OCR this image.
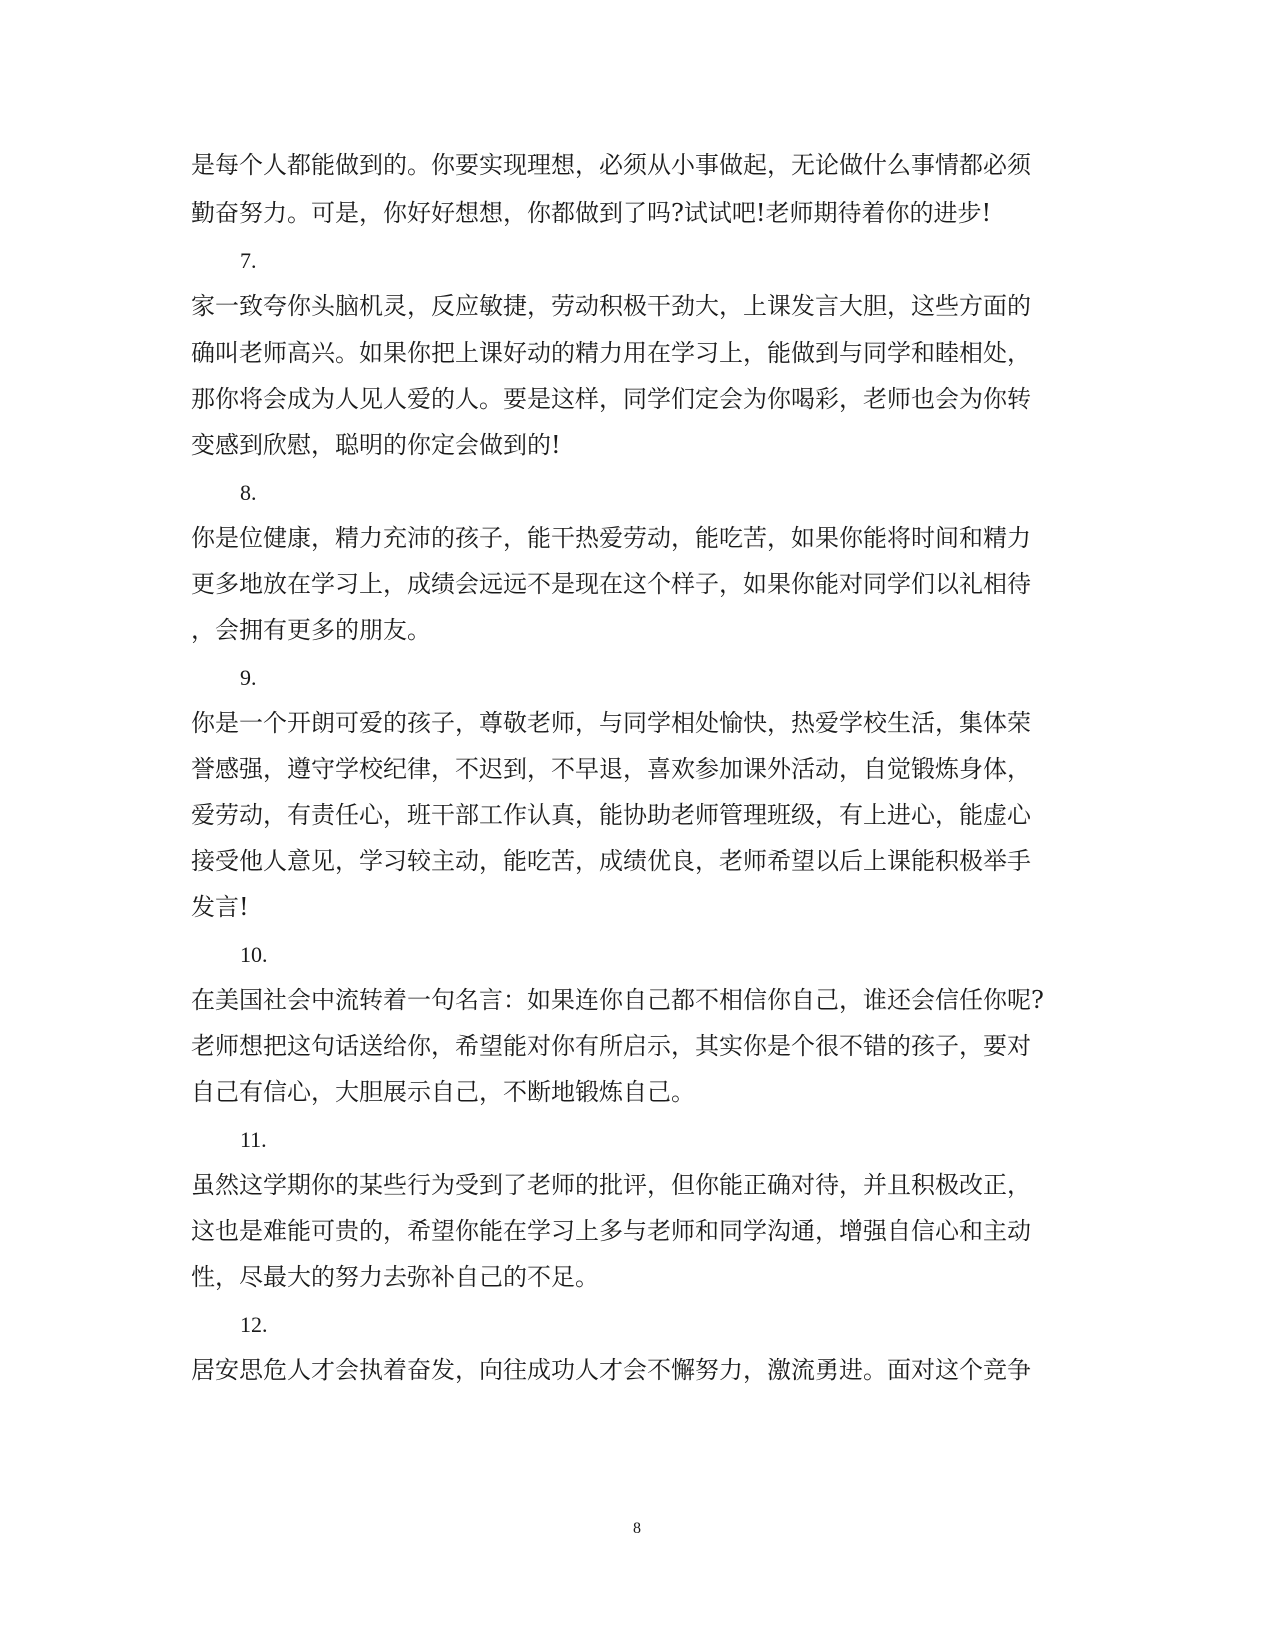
是每个人都能做到的。你要实现理想，必须从小事做起，无论做什么事情都必须
勤奋努力。可是，你好好想想，你都做到了吗?试试吧!老师期待着你的进步!
7.
家一致夸你头脑机灵，反应敏捷，劳动积极干劲大，上课发言大胆，这些方面的
确叫老师高兴。如果你把上课好动的精力用在学习上，能做到与同学和睦相处，
那你将会成为人见人爱的人。要是这样，同学们定会为你喝彩，老师也会为你转
变感到欣慰，聪明的你定会做到的!
8.
你是位健康，精力充沛的孩子，能干热爱劳动，能吃苦，如果你能将时间和精力
更多地放在学习上，成绩会远远不是现在这个样子，如果你能对同学们以礼相待
，会拥有更多的朋友。
9.
你是一个开朗可爱的孩子，尊敬老师，与同学相处愉快，热爱学校生活，集体荣
誉感强，遵守学校纪律，不迟到，不早退，喜欢参加课外活动，自觉锻炼身体，
爱劳动，有责任心，班干部工作认真，能协助老师管理班级，有上进心，能虚心
接受他人意见，学习较主动，能吃苦，成绩优良，老师希望以后上课能积极举手
发言!
10.
在美国社会中流转着一句名言：如果连你自己都不相信你自己，谁还会信任你呢?
老师想把这句话送给你，希望能对你有所启示，其实你是个很不错的孩子，要对
自己有信心，大胆展示自己，不断地锻炼自己。
11.
虽然这学期你的某些行为受到了老师的批评，但你能正确对待，并且积极改正，
这也是难能可贵的，希望你能在学习上多与老师和同学沟通，增强自信心和主动
性，尽最大的努力去弥补自己的不足。
12.
居安思危人才会执着奋发，向往成功人才会不懈努力，激流勇进。面对这个竞争
8
